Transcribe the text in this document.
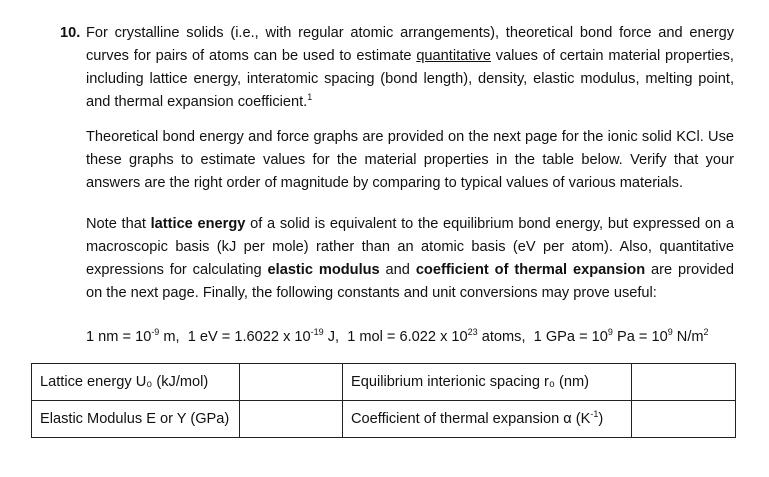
10. For crystalline solids (i.e., with regular atomic arrangements), theoretical bond force and energy curves for pairs of atoms can be used to estimate quantitative values of certain material properties, including lattice energy, interatomic spacing (bond length), density, elastic modulus, melting point, and thermal expansion coefficient.$^1$

Theoretical bond energy and force graphs are provided on the next page for the ionic solid KCl. Use these graphs to estimate values for the material properties in the table below. Verify that your answers are the right order of magnitude by comparing to typical values of various materials.

Note that lattice energy of a solid is equivalent to the equilibrium bond energy, but expressed on a macroscopic basis (kJ per mole) rather than an atomic basis (eV per atom). Also, quantitative expressions for calculating elastic modulus and coefficient of thermal expansion are provided on the next page. Finally, the following constants and unit conversions may prove useful:

1 nm = $10^{-9}$ m, 1 eV = 1.6022 x $10^{-19}$ J, 1 mol = 6.022 x $10^{23}$ atoms, 1 GPa = $10^9$ $Pa = 10^9$ $N/m^2$
Lattice energy U₀ (kJ/mol)		Equilibrium interionic spacing r₀ (nm)	
Elastic Modulus E or Y (GPa)		Coefficient of thermal expansion α $(K^{-1})$	
